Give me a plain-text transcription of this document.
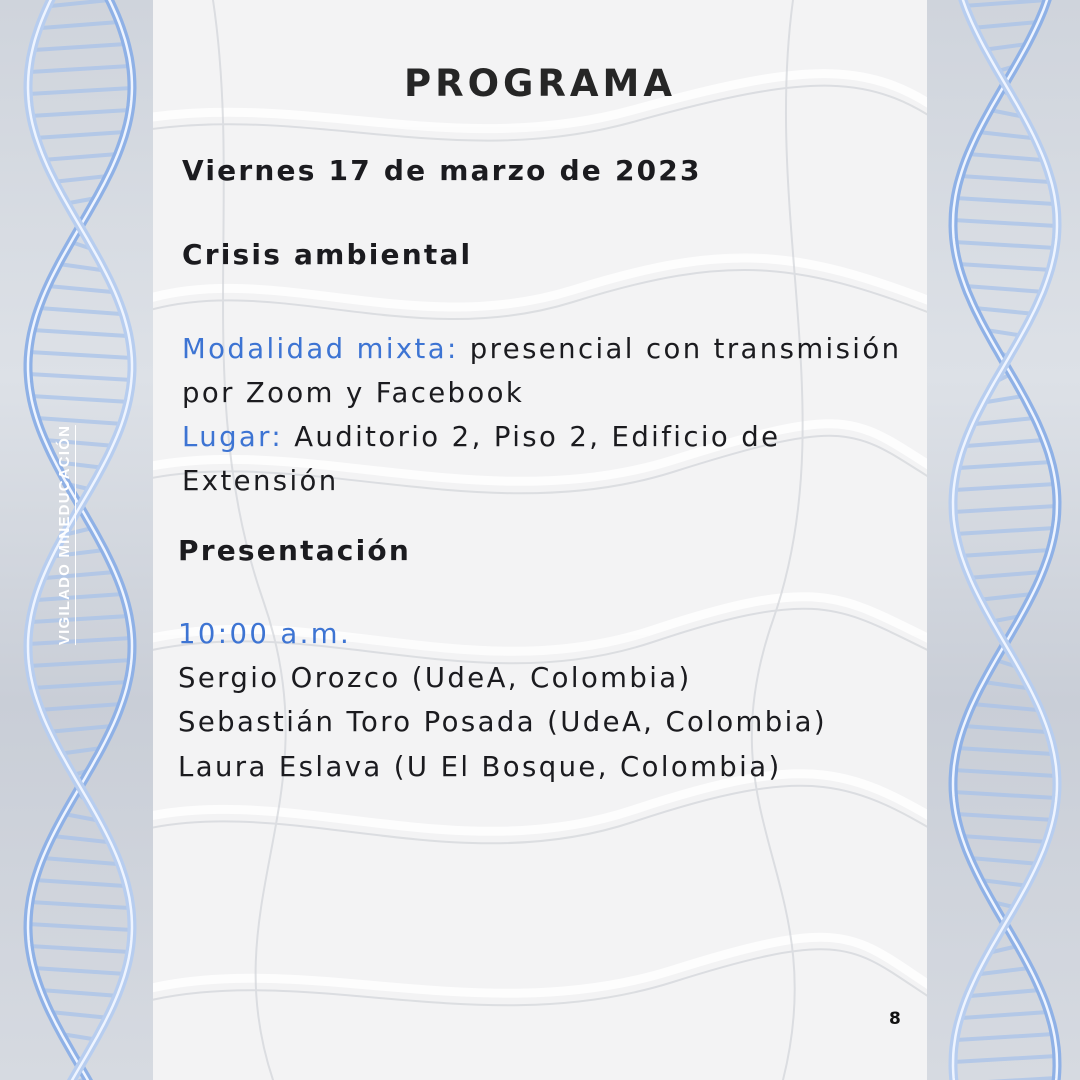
VIGILADO MINEDUCACIÓN
PROGRAMA
Viernes 17 de marzo de 2023
Crisis ambiental
Modalidad mixta: presencial con transmisión por Zoom y Facebook
Lugar: Auditorio 2, Piso 2, Edificio de Extensión
Presentación
10:00 a.m.
Sergio Orozco (UdeA, Colombia)
Sebastián Toro Posada (UdeA, Colombia)
Laura Eslava (U El Bosque, Colombia)
8
